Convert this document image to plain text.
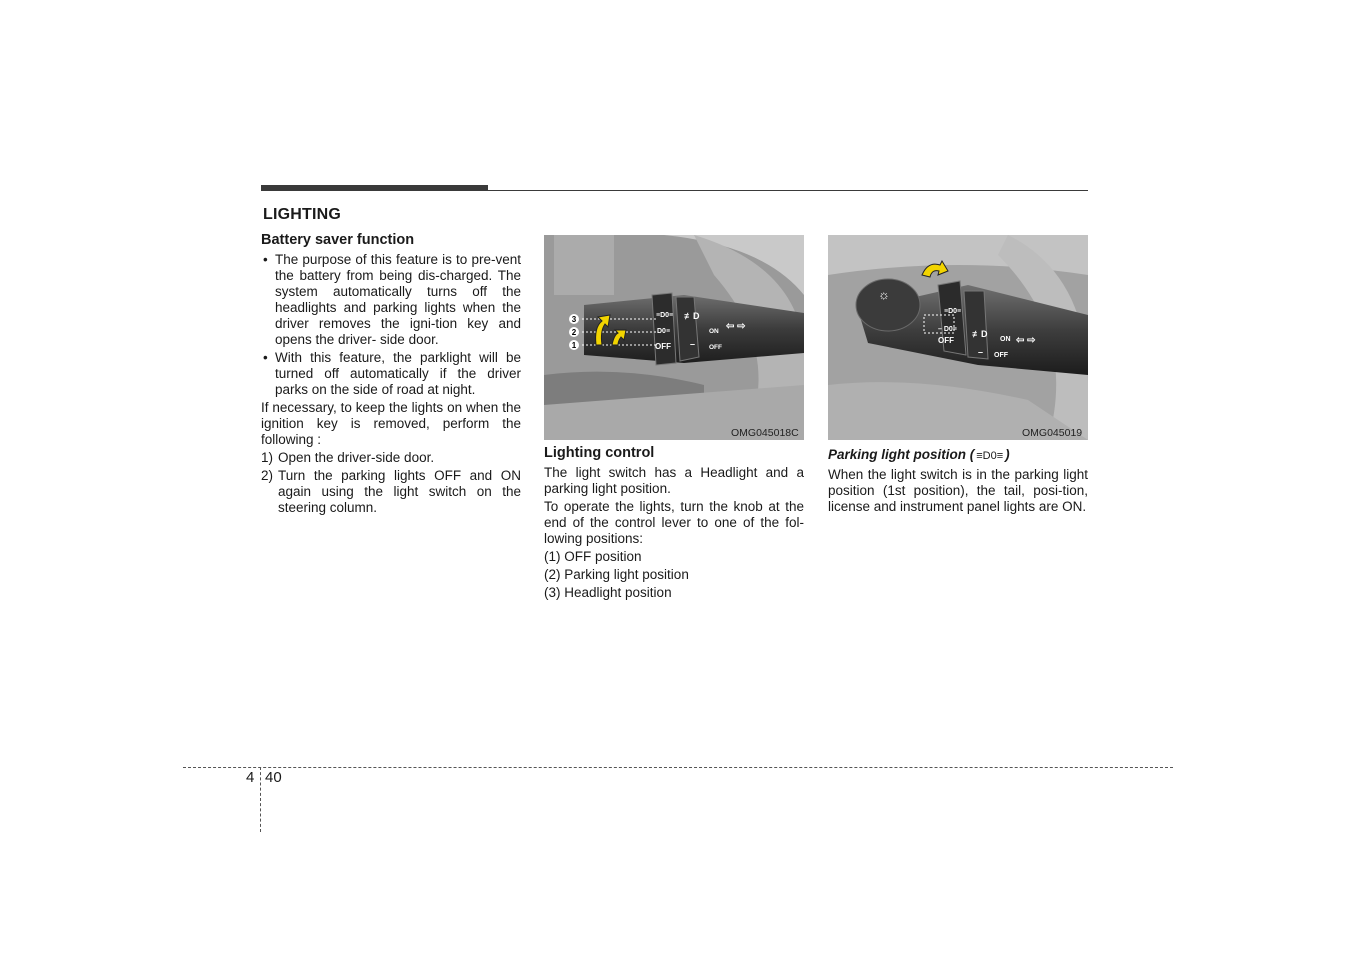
LIGHTING
Battery saver function
• The purpose of this feature is to pre-vent the battery from being dis-charged. The system automatically turns off the headlights and parking lights when the driver removes the igni-tion key and opens the driver- side door.
• With this feature, the parklight will be turned off automatically if the driver parks on the side of road at night.

If necessary, to keep the lights on when the ignition key is removed, perform the following :

1) Open the driver-side door.
2) Turn the parking lights OFF and ON again using the light switch on the steering column.
≡D0≡
D0≡
OFF
ON
OFF
≢D
–
⇦ ⇨
3
2
1
OMG045018C
Lighting control

The light switch has a Headlight and a parking light position.

To operate the lights, turn the knob at the end of the control lever to one of the fol-lowing positions:

(1) OFF position

(2) Parking light position

(3) Headlight position

☼
≡D0≡
– D0≡
OFF	ON
OFF
≢D
–
⇦ ⇨
OMG045019
Parking light position ( ≡D0≡ )

When the light switch is in the parking light position (1st position), the tail, posi-tion, license and instrument panel lights are ON.

4 40
